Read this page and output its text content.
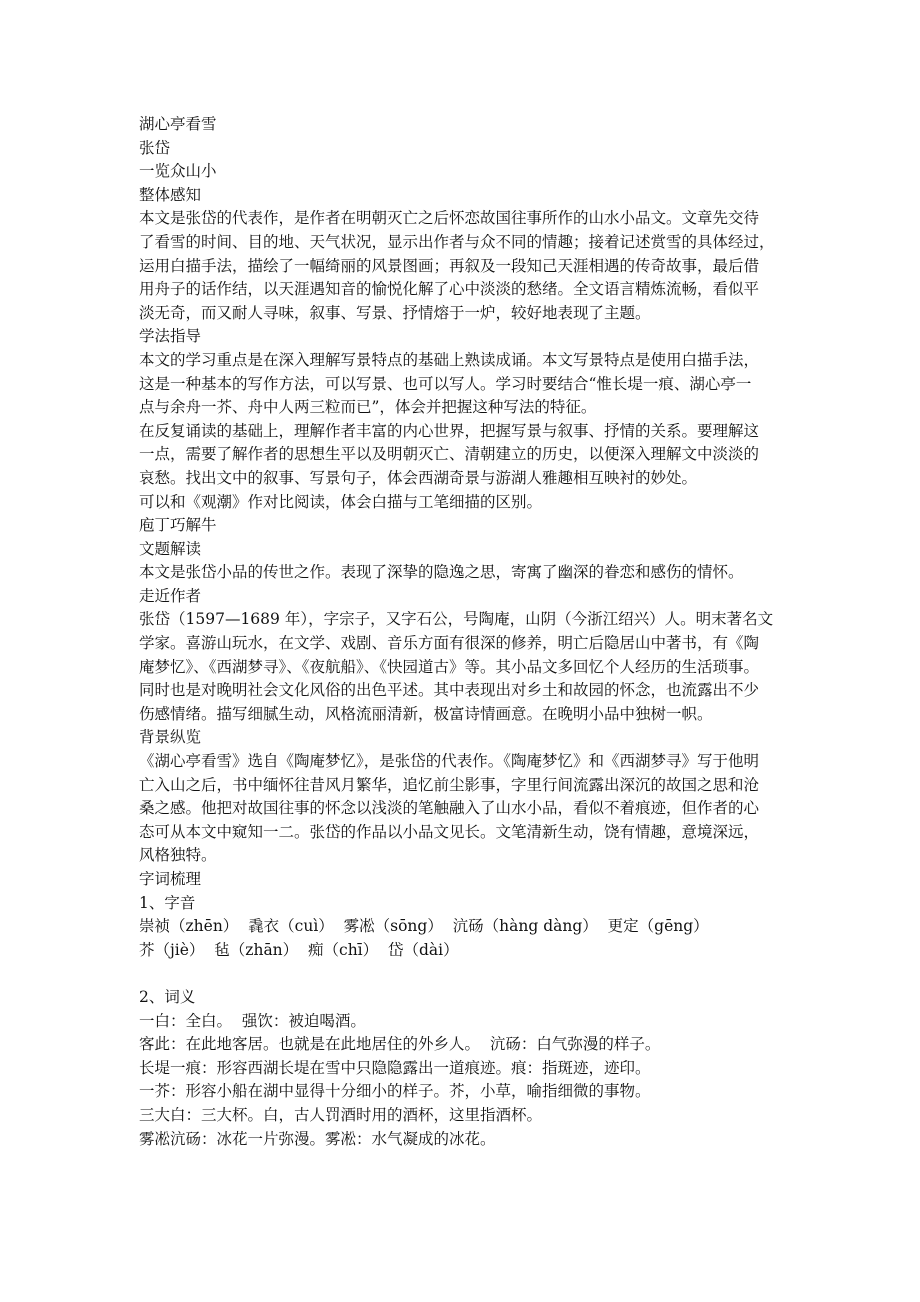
湖心亭看雪
张岱
一览众山小
整体感知
本文是张岱的代表作，是作者在明朝灭亡之后怀恋故国往事所作的山水小品文。文章先交待
了看雪的时间、目的地、天气状况，显示出作者与众不同的情趣；接着记述赏雪的具体经过，
运用白描手法，描绘了一幅绮丽的风景图画；再叙及一段知己天涯相遇的传奇故事，最后借
用舟子的话作结，以天涯遇知音的愉悦化解了心中淡淡的愁绪。全文语言精炼流畅，看似平
淡无奇，而又耐人寻味，叙事、写景、抒情熔于一炉，较好地表现了主题。
学法指导
本文的学习重点是在深入理解写景特点的基础上熟读成诵。本文写景特点是使用白描手法，
这是一种基本的写作方法，可以写景、也可以写人。学习时要结合“惟长堤一痕、湖心亭一
点与余舟一芥、舟中人两三粒而已”，体会并把握这种写法的特征。
在反复诵读的基础上，理解作者丰富的内心世界，把握写景与叙事、抒情的关系。要理解这
一点，需要了解作者的思想生平以及明朝灭亡、清朝建立的历史，以便深入理解文中淡淡的
哀愁。找出文中的叙事、写景句子，体会西湖奇景与游湖人雅趣相互映衬的妙处。
可以和《观潮》作对比阅读，体会白描与工笔细描的区别。
庖丁巧解牛
文题解读
本文是张岱小品的传世之作。表现了深挚的隐逸之思，寄寓了幽深的眷恋和感伤的情怀。
走近作者
张岱（1597—1689 年），字宗子，又字石公，号陶庵，山阴（今浙江绍兴）人。明末著名文
学家。喜游山玩水，在文学、戏剧、音乐方面有很深的修养，明亡后隐居山中著书，有《陶
庵梦忆》、《西湖梦寻》、《夜航船》、《快园道古》等。其小品文多回忆个人经历的生活琐事。
同时也是对晚明社会文化风俗的出色平述。其中表现出对乡土和故园的怀念，也流露出不少
伤感情绪。描写细腻生动，风格流丽清新，极富诗情画意。在晚明小品中独树一帜。
背景纵览
《湖心亭看雪》选自《陶庵梦忆》，是张岱的代表作。《陶庵梦忆》和《西湖梦寻》写于他明
亡入山之后，书中缅怀往昔风月繁华，追忆前尘影事，字里行间流露出深沉的故国之思和沧
桑之感。他把对故国往事的怀念以浅淡的笔触融入了山水小品，看似不着痕迹，但作者的心
态可从本文中窥知一二。张岱的作品以小品文见长。文笔清新生动，饶有情趣，意境深远，
风格独特。
字词梳理
1、字音
崇祯（zhēn）  毳衣（cuì）  雾凇（sōng）  沆砀（hàng dàng）  更定（gēng）
芥（jiè）  毡（zhān）  痴（chī）  岱（dài）
2、词义
一白：全白。  强饮：被迫喝酒。
客此：在此地客居。也就是在此地居住的外乡人。  沆砀：白气弥漫的样子。
长堤一痕：形容西湖长堤在雪中只隐隐露出一道痕迹。痕：指斑迹，迹印。
一芥：形容小船在湖中显得十分细小的样子。芥，小草，喻指细微的事物。
三大白：三大杯。白，古人罚酒时用的酒杯，这里指酒杯。
雾凇沆砀：冰花一片弥漫。雾凇：水气凝成的冰花。
